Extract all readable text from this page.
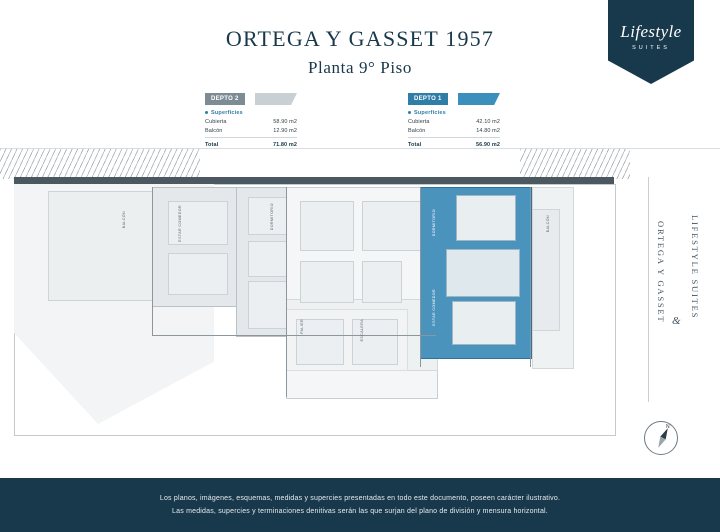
ORTEGA Y GASSET 1957
Planta 9° Piso
Lifestyle
SUITES
DEPTO 2
Superficies
Cubierta	58.90 m2
Balcón	12.90 m2
Total	71.80 m2
DEPTO 1
Superficies
Cubierta	42.10 m2
Balcón	14.80 m2
Total	56.90 m2
BALCÓN	ESTAR COMEDOR	DORMITORIO
PALIER	ESCALERA
DORMITORIO
ESTAR COMEDOR
BALCÓN	ORTEGA Y GASSET	LIFESTYLE SUITES
&
N
Los planos, imágenes, esquemas, medidas y supercies presentadas en todo este documento, poseen carácter ilustrativo.
Las medidas, supercies y terminaciones denitivas serán las que surjan del plano de división y mensura horizontal.
